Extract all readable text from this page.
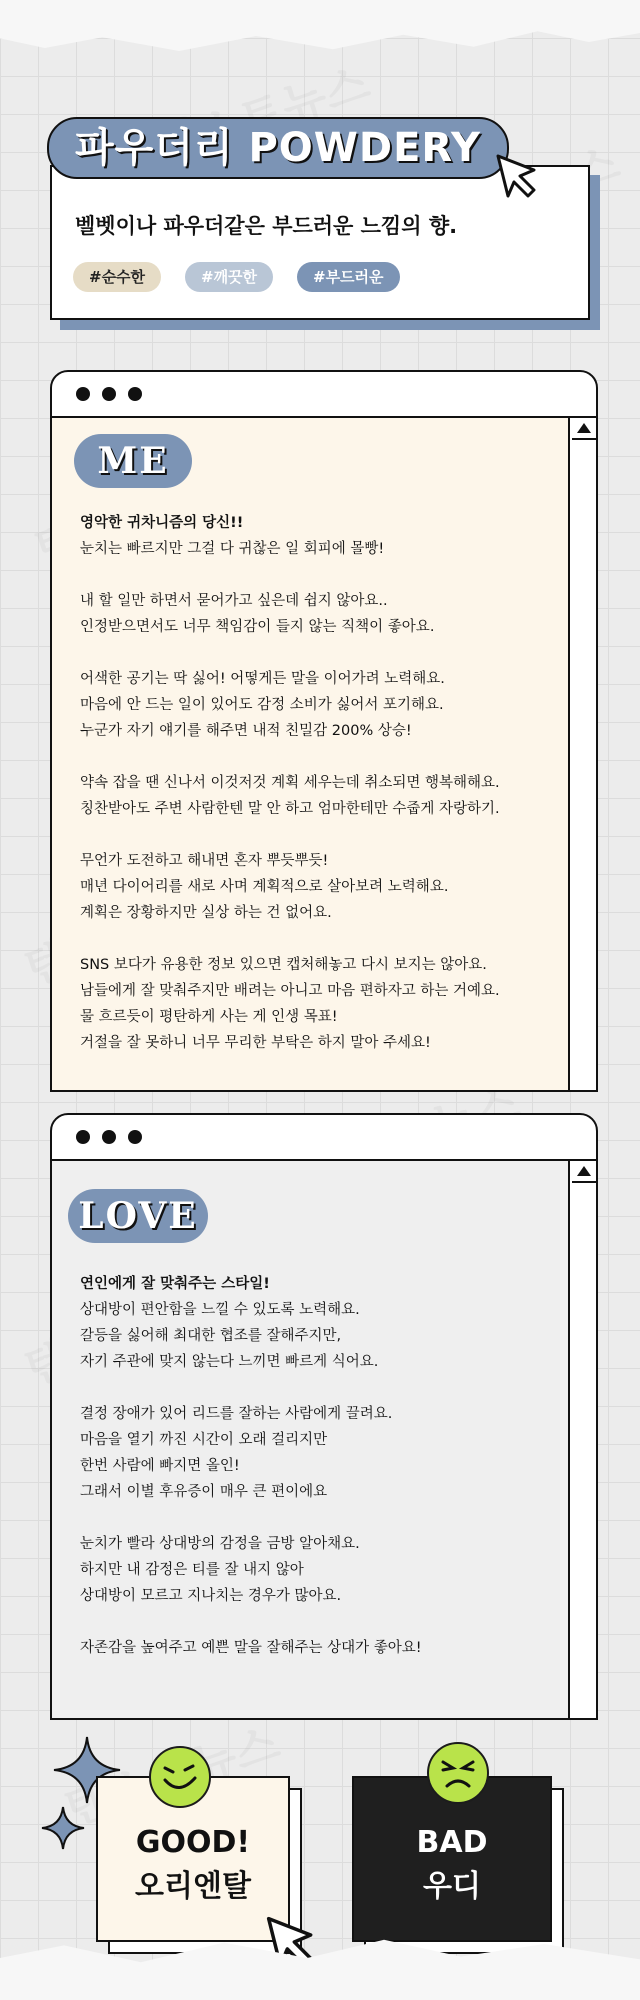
파우더리 POWDERY
벨벳이나 파우더같은 부드러운 느낌의 향.
#순수한	#깨끗한	#부드러운
ME

영악한 귀차니즘의 당신!!
눈치는 빠르지만 그걸 다 귀찮은 일 회피에 몰빵!

내 할 일만 하면서 묻어가고 싶은데 쉽지 않아요..
인정받으면서도 너무 책임감이 들지 않는 직책이 좋아요.

어색한 공기는 딱 싫어! 어떻게든 말을 이어가려 노력해요.
마음에 안 드는 일이 있어도 감정 소비가 싫어서 포기해요.
누군가 자기 얘기를 해주면 내적 친밀감 200% 상승!

약속 잡을 땐 신나서 이것저것 계획 세우는데 취소되면 행복해해요.
칭찬받아도 주변 사람한텐 말 안 하고 엄마한테만 수줍게 자랑하기.

무언가 도전하고 해내면 혼자 뿌듯뿌듯!
매년 다이어리를 새로 사며 계획적으로 살아보려 노력해요.
계획은 장황하지만 실상 하는 건 없어요.

SNS 보다가 유용한 정보 있으면 캡처해놓고 다시 보지는 않아요.
남들에게 잘 맞춰주지만 배려는 아니고 마음 편하자고 하는 거예요.
물 흐르듯이 평탄하게 사는 게 인생 목표!
거절을 잘 못하니 너무 무리한 부탁은 하지 말아 주세요!

LOVE

연인에게 잘 맞춰주는 스타일!
상대방이 편안함을 느낄 수 있도록 노력해요.
갈등을 싫어해 최대한 협조를 잘해주지만,
자기 주관에 맞지 않는다 느끼면 빠르게 식어요.

결정 장애가 있어 리드를 잘하는 사람에게 끌려요.
마음을 열기 까진 시간이 오래 걸리지만
한번 사람에 빠지면 올인!
그래서 이별 후유증이 매우 큰 편이에요

눈치가 빨라 상대방의 감정을 금방 알아채요.
하지만 내 감정은 티를 잘 내지 않아
상대방이 모르고 지나치는 경우가 많아요.

자존감을 높여주고 예쁜 말을 잘해주는 상대가 좋아요!

GOOD!
오리엔탈
BAD
우디
